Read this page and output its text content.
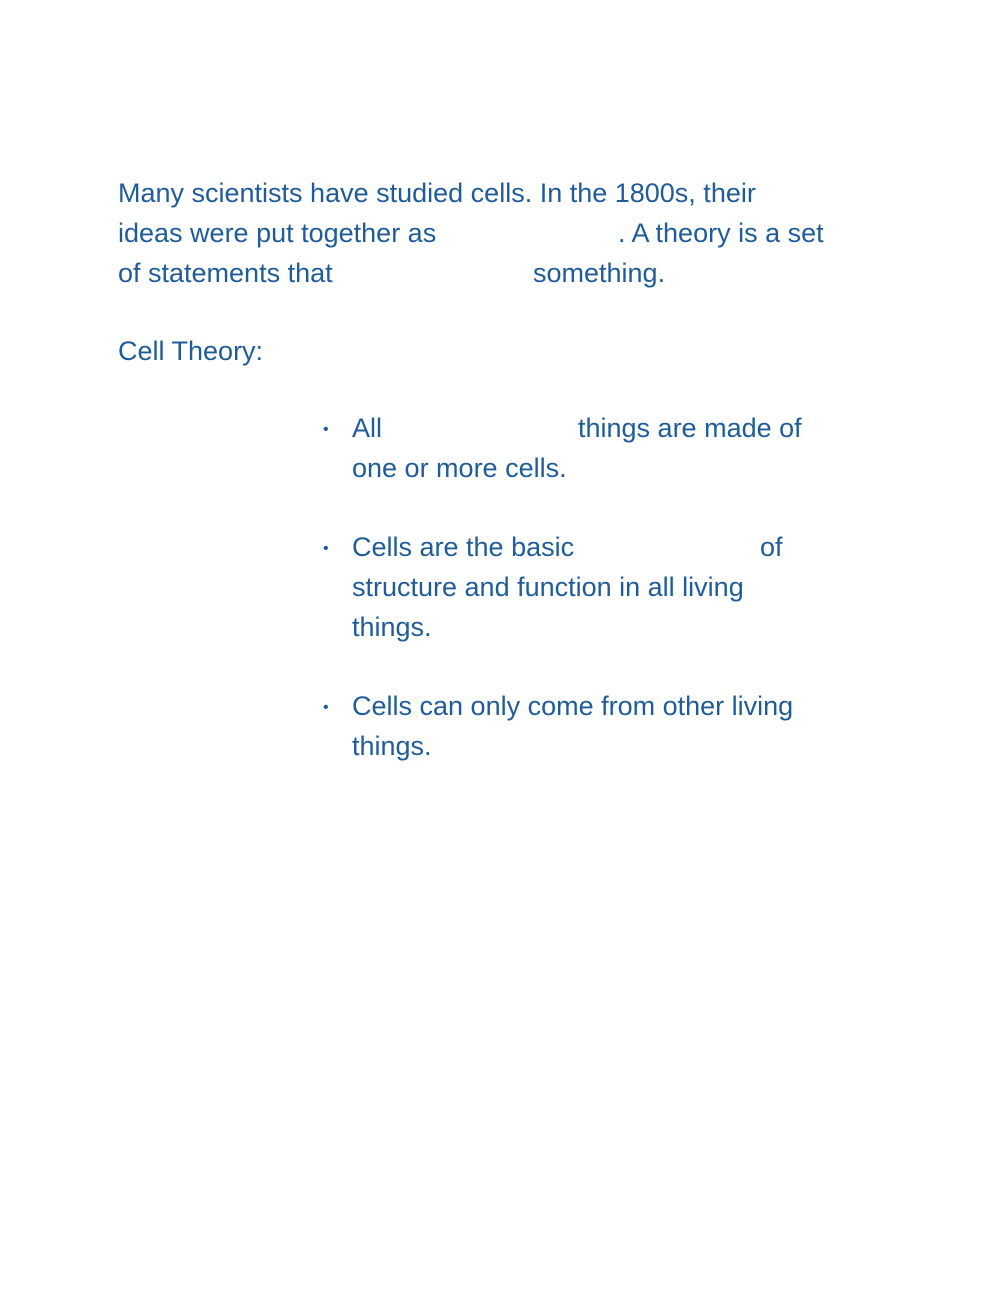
Many scientists have studied cells. In the 1800s, their

ideas were put together as	. A theory is a set
of statements that	something.

Cell Theory:

• All	things are made of

one or more cells.

• Cells are the basic	of

structure and function in all living

things.

• Cells can only come from other living

things.
